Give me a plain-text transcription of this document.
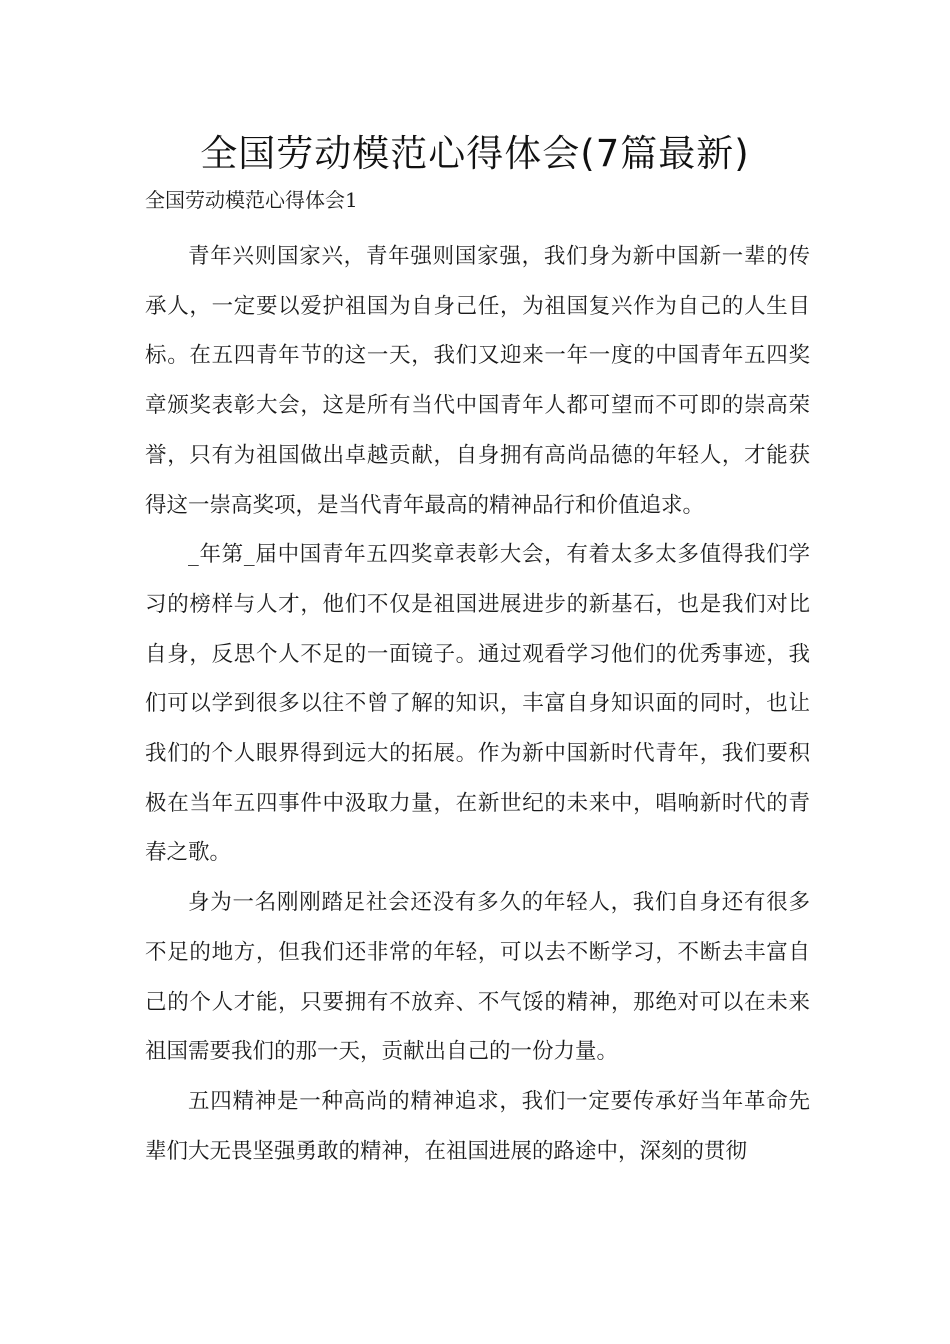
全国劳动模范心得体会(7篇最新)
全国劳动模范心得体会1

青年兴则国家兴，青年强则国家强，我们身为新中国新一辈的传承人，一定要以爱护祖国为自身己任，为祖国复兴作为自己的人生目标。在五四青年节的这一天，我们又迎来一年一度的中国青年五四奖章颁奖表彰大会，这是所有当代中国青年人都可望而不可即的崇高荣誉，只有为祖国做出卓越贡献，自身拥有高尚品德的年轻人，才能获得这一崇高奖项，是当代青年最高的精神品行和价值追求。

_年第_届中国青年五四奖章表彰大会，有着太多太多值得我们学习的榜样与人才，他们不仅是祖国进展进步的新基石，也是我们对比自身，反思个人不足的一面镜子。通过观看学习他们的优秀事迹，我们可以学到很多以往不曾了解的知识，丰富自身知识面的同时，也让我们的个人眼界得到远大的拓展。作为新中国新时代青年，我们要积极在当年五四事件中汲取力量，在新世纪的未来中，唱响新时代的青春之歌。

身为一名刚刚踏足社会还没有多久的年轻人，我们自身还有很多不足的地方，但我们还非常的年轻，可以去不断学习，不断去丰富自己的个人才能，只要拥有不放弃、不气馁的精神，那绝对可以在未来祖国需要我们的那一天，贡献出自己的一份力量。

五四精神是一种高尚的精神追求，我们一定要传承好当年革命先辈们大无畏坚强勇敢的精神，在祖国进展的路途中，深刻的贯彻
